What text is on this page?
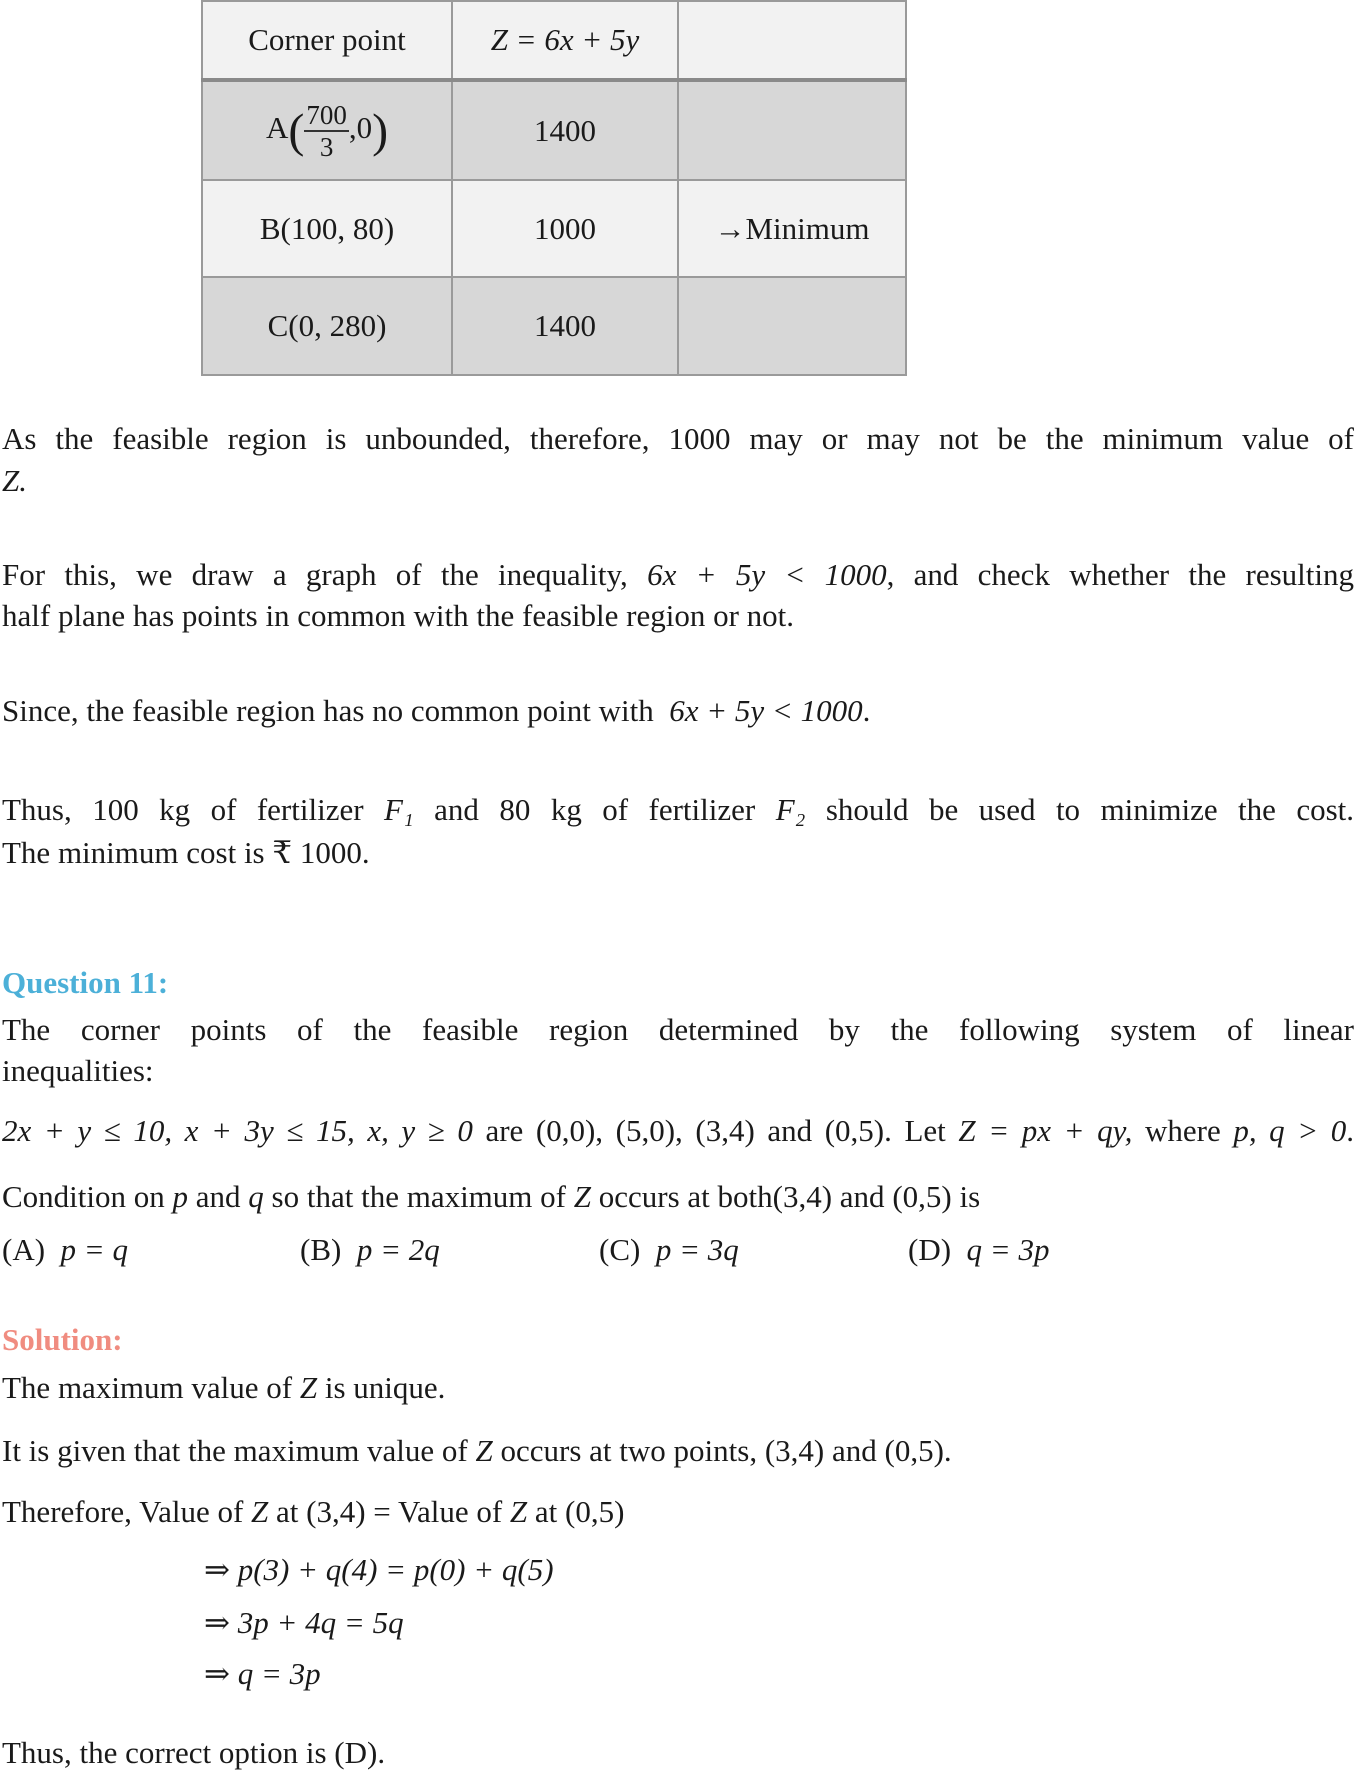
Corner point	Z = 6x + 5y	
$A( \frac{700}{3} ,0)$	1400	
B(100, 80)	1000	→Minimum
C(0, 280)	1400	
As the feasible region is unbounded, therefore, 1000 may or may not be the minimum value of
Z.
For this, we draw a graph of the inequality, 6x + 5y < 1000, and check whether the resulting
half plane has points in common with the feasible region or not.
Since, the feasible region has no common point with 6x + 5y < 1000.
Thus, 100 kg of fertilizer F₁ and 80 kg of fertilizer F₂ should be used to minimize the cost.
The minimum cost is ₹ 1000.
Question 11:
The corner points of the feasible region determined by the following system of linear
inequalities:
2x + y ≤ 10, x + 3y ≤ 15, x, y ≥ 0 are (0,0), (5,0), (3,4) and (0,5). Let Z = px + qy, where p, q > 0.
Condition on p and q so that the maximum of Z occurs at both(3,4) and (0,5) is
(A) p = q	(B) p = 2q	(C) p = 3q	(D) q = 3p
Solution:
The maximum value of Z is unique.
It is given that the maximum value of Z occurs at two points, (3,4) and (0,5).
Therefore, Value of Z at (3,4) = Value of Z at (0,5)
⇒ p(3) + q(4) = p(0) + q(5)
⇒ 3p + 4q = 5q
⇒ q = 3p
Thus, the correct option is (D).
